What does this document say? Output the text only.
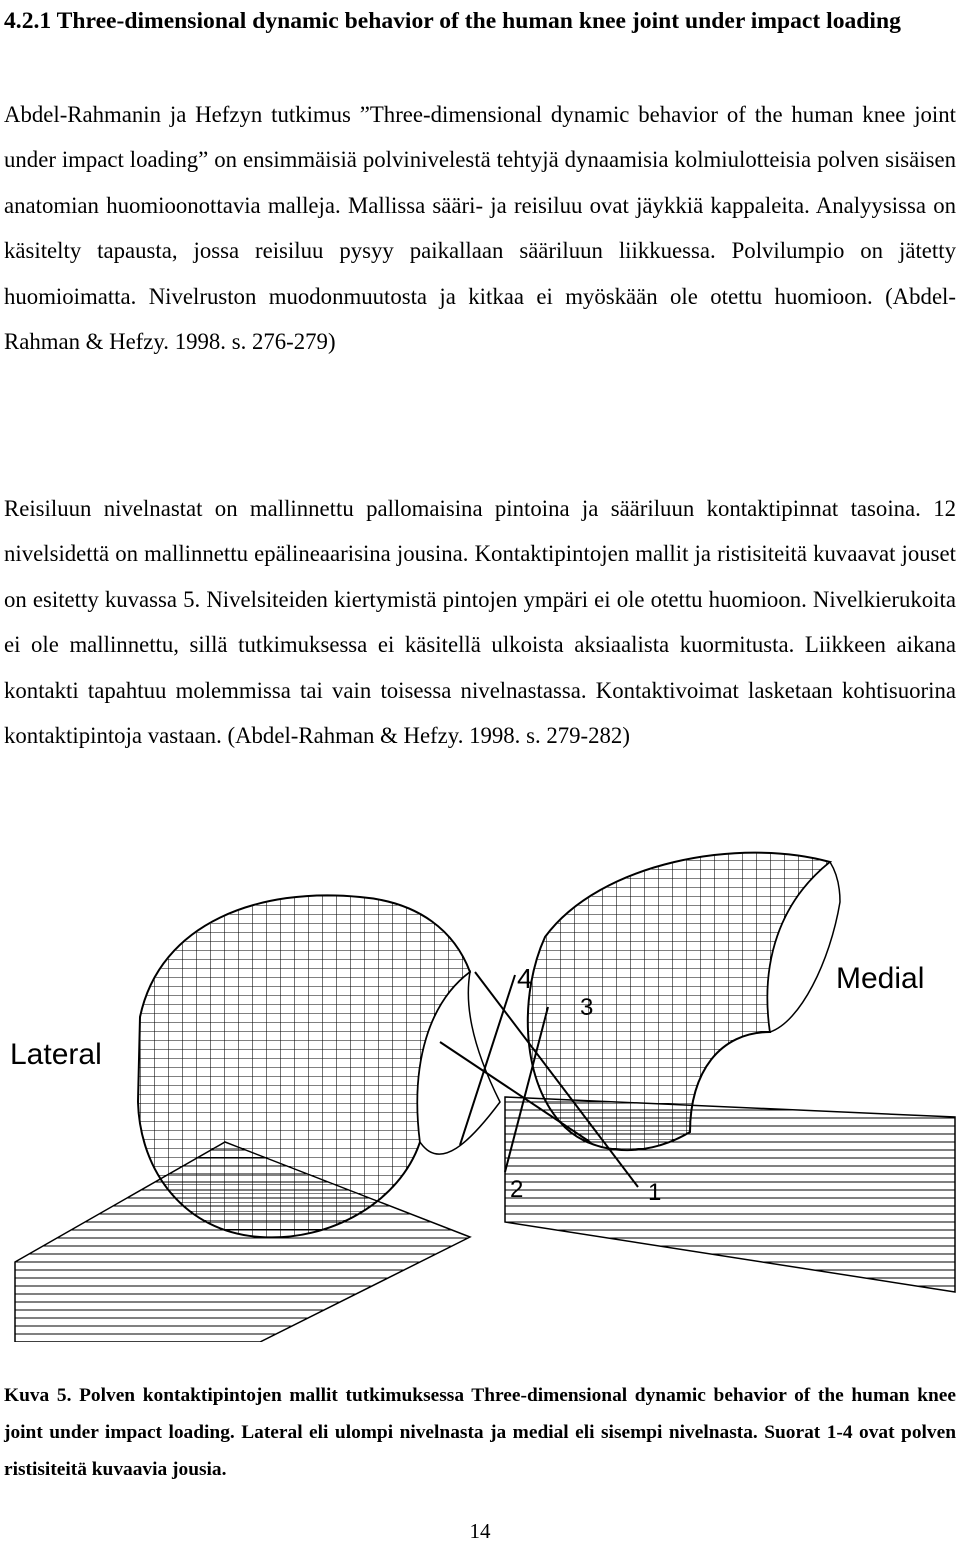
4.2.1 Three-dimensional dynamic behavior of the human knee joint under impact loading

Abdel-Rahmanin ja Hefzyn tutkimus ”Three-dimensional dynamic behavior of the human knee joint under impact loading” on ensimmäisiä polvinivelestä tehtyjä dynaamisia kolmiulotteisia polven sisäisen anatomian huomioonottavia malleja. Mallissa sääri- ja reisiluu ovat jäykkiä kappaleita. Analyysissa on käsitelty tapausta, jossa reisiluu pysyy paikallaan sääriluun liikkuessa. Polvilumpio on jätetty huomioimatta. Nivelruston muodonmuutosta ja kitkaa ei myöskään ole otettu huomioon. (Abdel-Rahman & Hefzy. 1998. s. 276-279)

Reisiluun nivelnastat on mallinnettu pallomaisina pintoina ja sääriluun kontaktipinnat tasoina. 12 nivelsidettä on mallinnettu epälineaarisina jousina. Kontaktipintojen mallit ja ristisiteitä kuvaavat jouset on esitetty kuvassa 5. Nivelsiteiden kiertymistä pintojen ympäri ei ole otettu huomioon. Nivelkierukoita ei ole mallinnettu, sillä tutkimuksessa ei käsitellä ulkoista aksiaalista kuormitusta. Liikkeen aikana kontakti tapahtuu molemmissa tai vain toisessa nivelnastassa. Kontaktivoimat lasketaan kohtisuorina kontaktipintoja vastaan. (Abdel-Rahman & Hefzy. 1998. s. 279-282)

Lateral
Medial
1
2
3
4

Kuva 5. Polven kontaktipintojen mallit tutkimuksessa Three-dimensional dynamic behavior of the human knee joint under impact loading. Lateral eli ulompi nivelnasta ja medial eli sisempi nivelnasta. Suorat 1-4 ovat polven ristisiteitä kuvaavia jousia.

14
